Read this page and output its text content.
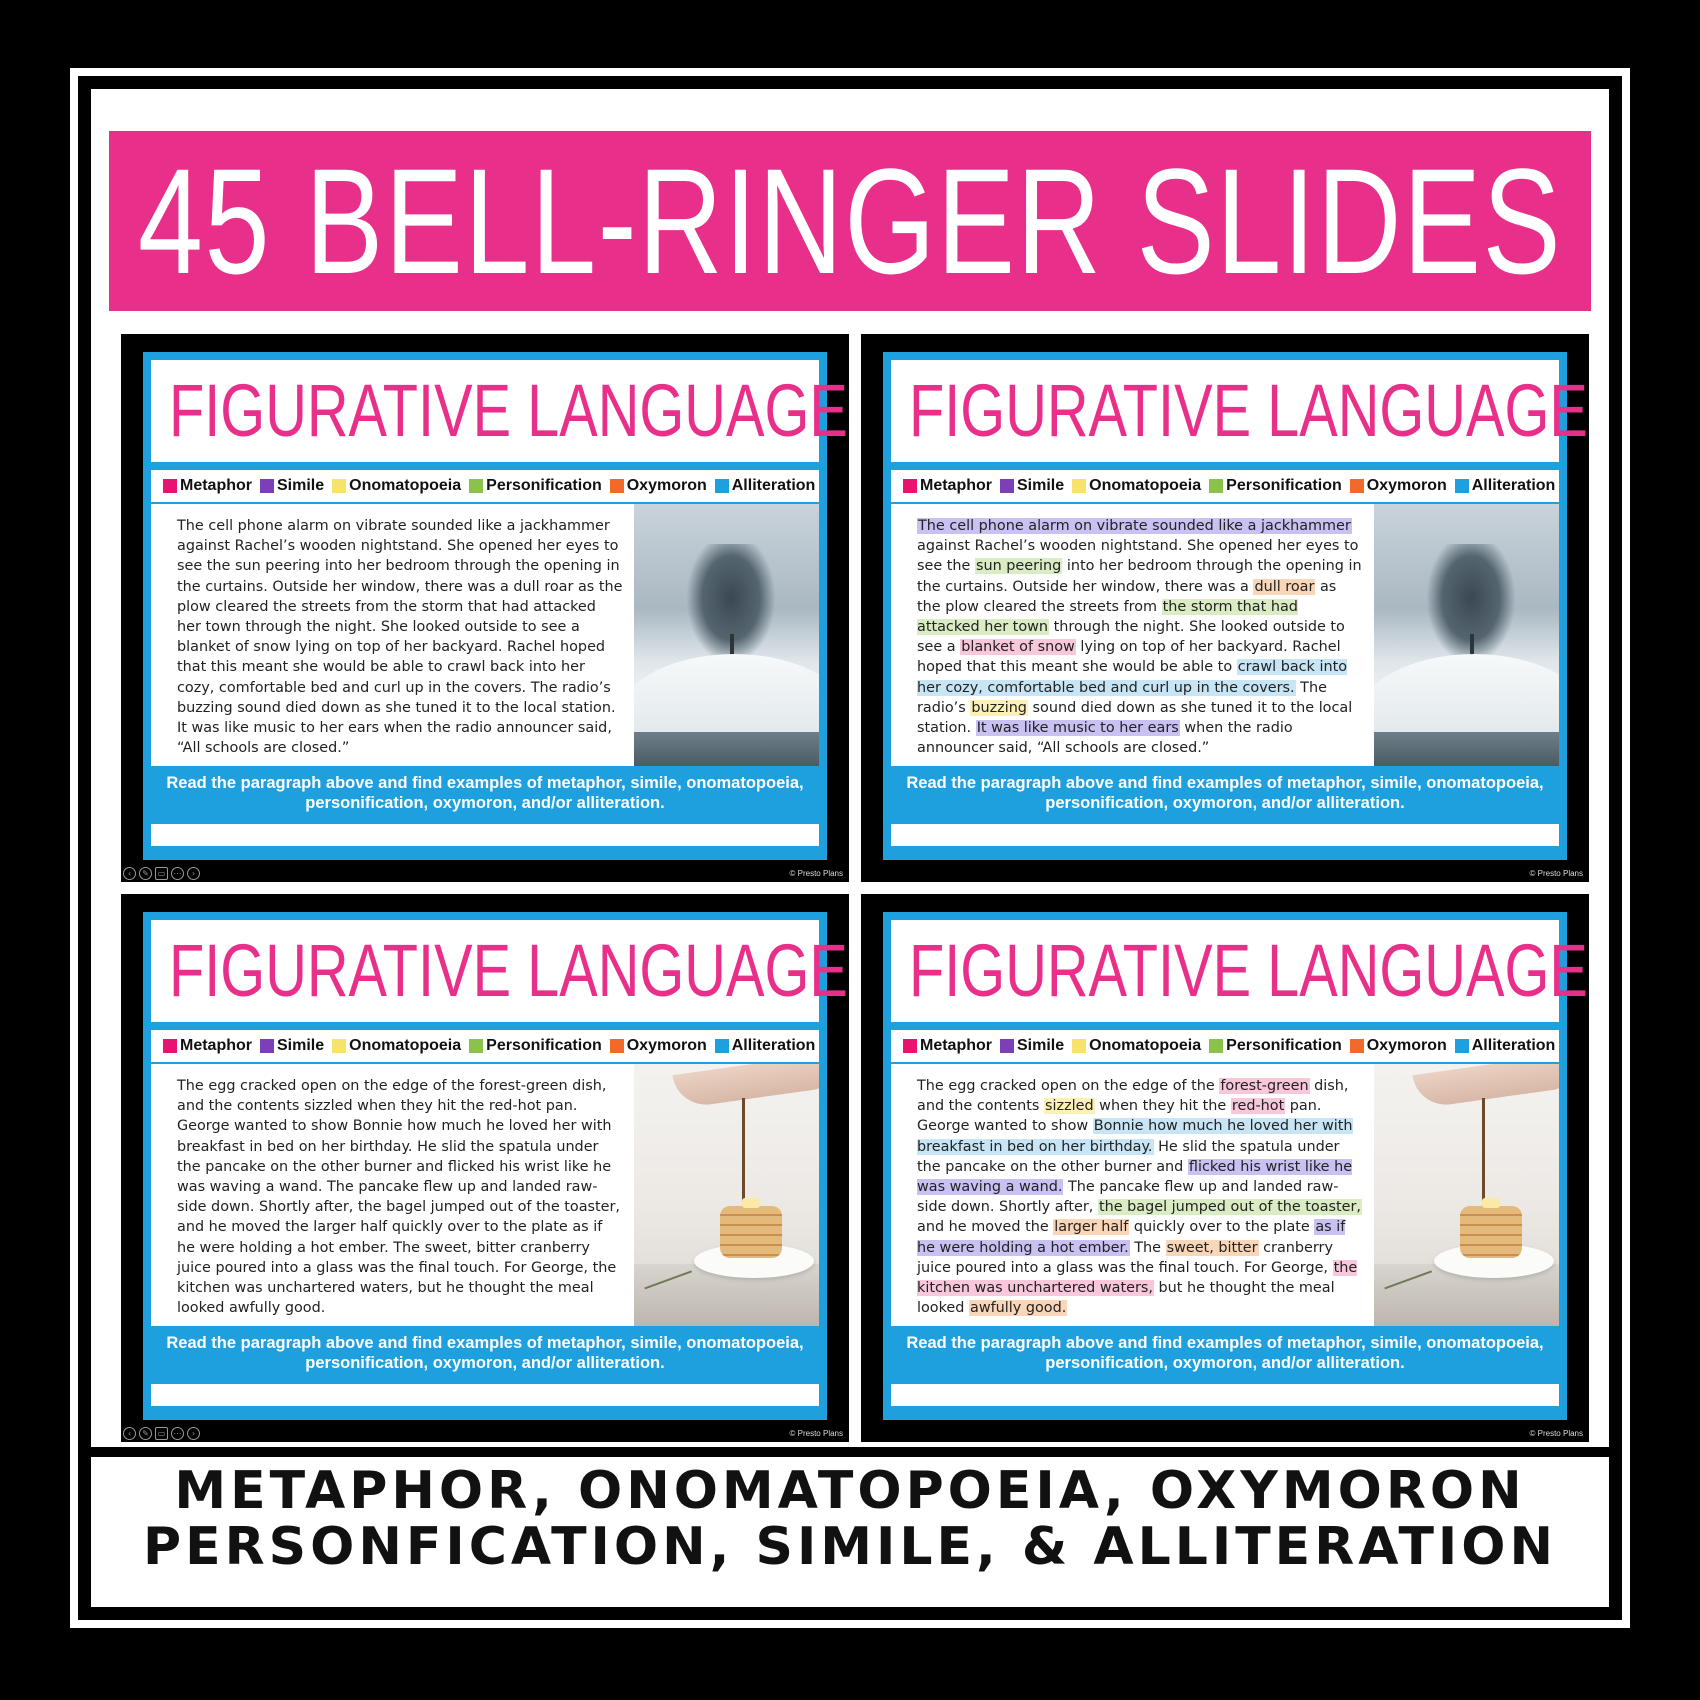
45 BELL-RINGER SLIDES
FIGURATIVE LANGUAGE
Metaphor Simile Onomatopoeia Personification Oxymoron Alliteration
The cell phone alarm on vibrate sounded like a jackhammer against Rachel’s wooden nightstand. She opened her eyes to see the sun peering into her bedroom through the opening in the curtains. Outside her window, there was a dull roar as the plow cleared the streets from the storm that had attacked her town through the night. She looked outside to see a blanket of snow lying on top of her backyard. Rachel hoped that this meant she would be able to crawl back into her cozy, comfortable bed and curl up in the covers. The radio’s buzzing sound died down as she tuned it to the local station. It was like music to her ears when the radio announcer said, “All schools are closed.”
Read the paragraph above and find examples of metaphor, simile, onomatopoeia, personification, oxymoron, and/or alliteration.
‹	✎	▭	⋯	›	© Presto Plans
FIGURATIVE LANGUAGE
Metaphor Simile Onomatopoeia Personification Oxymoron Alliteration
The cell phone alarm on vibrate sounded like a jackhammer against Rachel’s wooden nightstand. She opened her eyes to see the sun peering into her bedroom through the opening in the curtains. Outside her window, there was a dull roar as the plow cleared the streets from the storm that had attacked her town through the night. She looked outside to see a blanket of snow lying on top of her backyard. Rachel hoped that this meant she would be able to crawl back into her cozy, comfortable bed and curl up in the covers. The radio’s buzzing sound died down as she tuned it to the local station. It was like music to her ears when the radio announcer said, “All schools are closed.”
Read the paragraph above and find examples of metaphor, simile, onomatopoeia, personification, oxymoron, and/or alliteration.
© Presto Plans
FIGURATIVE LANGUAGE
Metaphor Simile Onomatopoeia Personification Oxymoron Alliteration
The egg cracked open on the edge of the forest-green dish, and the contents sizzled when they hit the red-hot pan. George wanted to show Bonnie how much he loved her with breakfast in bed on her birthday. He slid the spatula under the pancake on the other burner and flicked his wrist like he was waving a wand. The pancake flew up and landed raw-side down. Shortly after, the bagel jumped out of the toaster, and he moved the larger half quickly over to the plate as if he were holding a hot ember. The sweet, bitter cranberry juice poured into a glass was the final touch. For George, the kitchen was unchartered waters, but he thought the meal looked awfully good.
Read the paragraph above and find examples of metaphor, simile, onomatopoeia, personification, oxymoron, and/or alliteration.
‹	✎	▭	⋯	›	© Presto Plans
FIGURATIVE LANGUAGE
Metaphor Simile Onomatopoeia Personification Oxymoron Alliteration
The egg cracked open on the edge of the forest-green dish, and the contents sizzled when they hit the red-hot pan. George wanted to show Bonnie how much he loved her with breakfast in bed on her birthday. He slid the spatula under the pancake on the other burner and flicked his wrist like he was waving a wand. The pancake flew up and landed raw-side down. Shortly after, the bagel jumped out of the toaster, and he moved the larger half quickly over to the plate as if he were holding a hot ember. The sweet, bitter cranberry juice poured into a glass was the final touch. For George, the kitchen was unchartered waters, but he thought the meal looked awfully good.
Read the paragraph above and find examples of metaphor, simile, onomatopoeia, personification, oxymoron, and/or alliteration.
© Presto Plans
METAPHOR, ONOMATOPOEIA, OXYMORON
PERSONFICATION, SIMILE, & ALLITERATION
